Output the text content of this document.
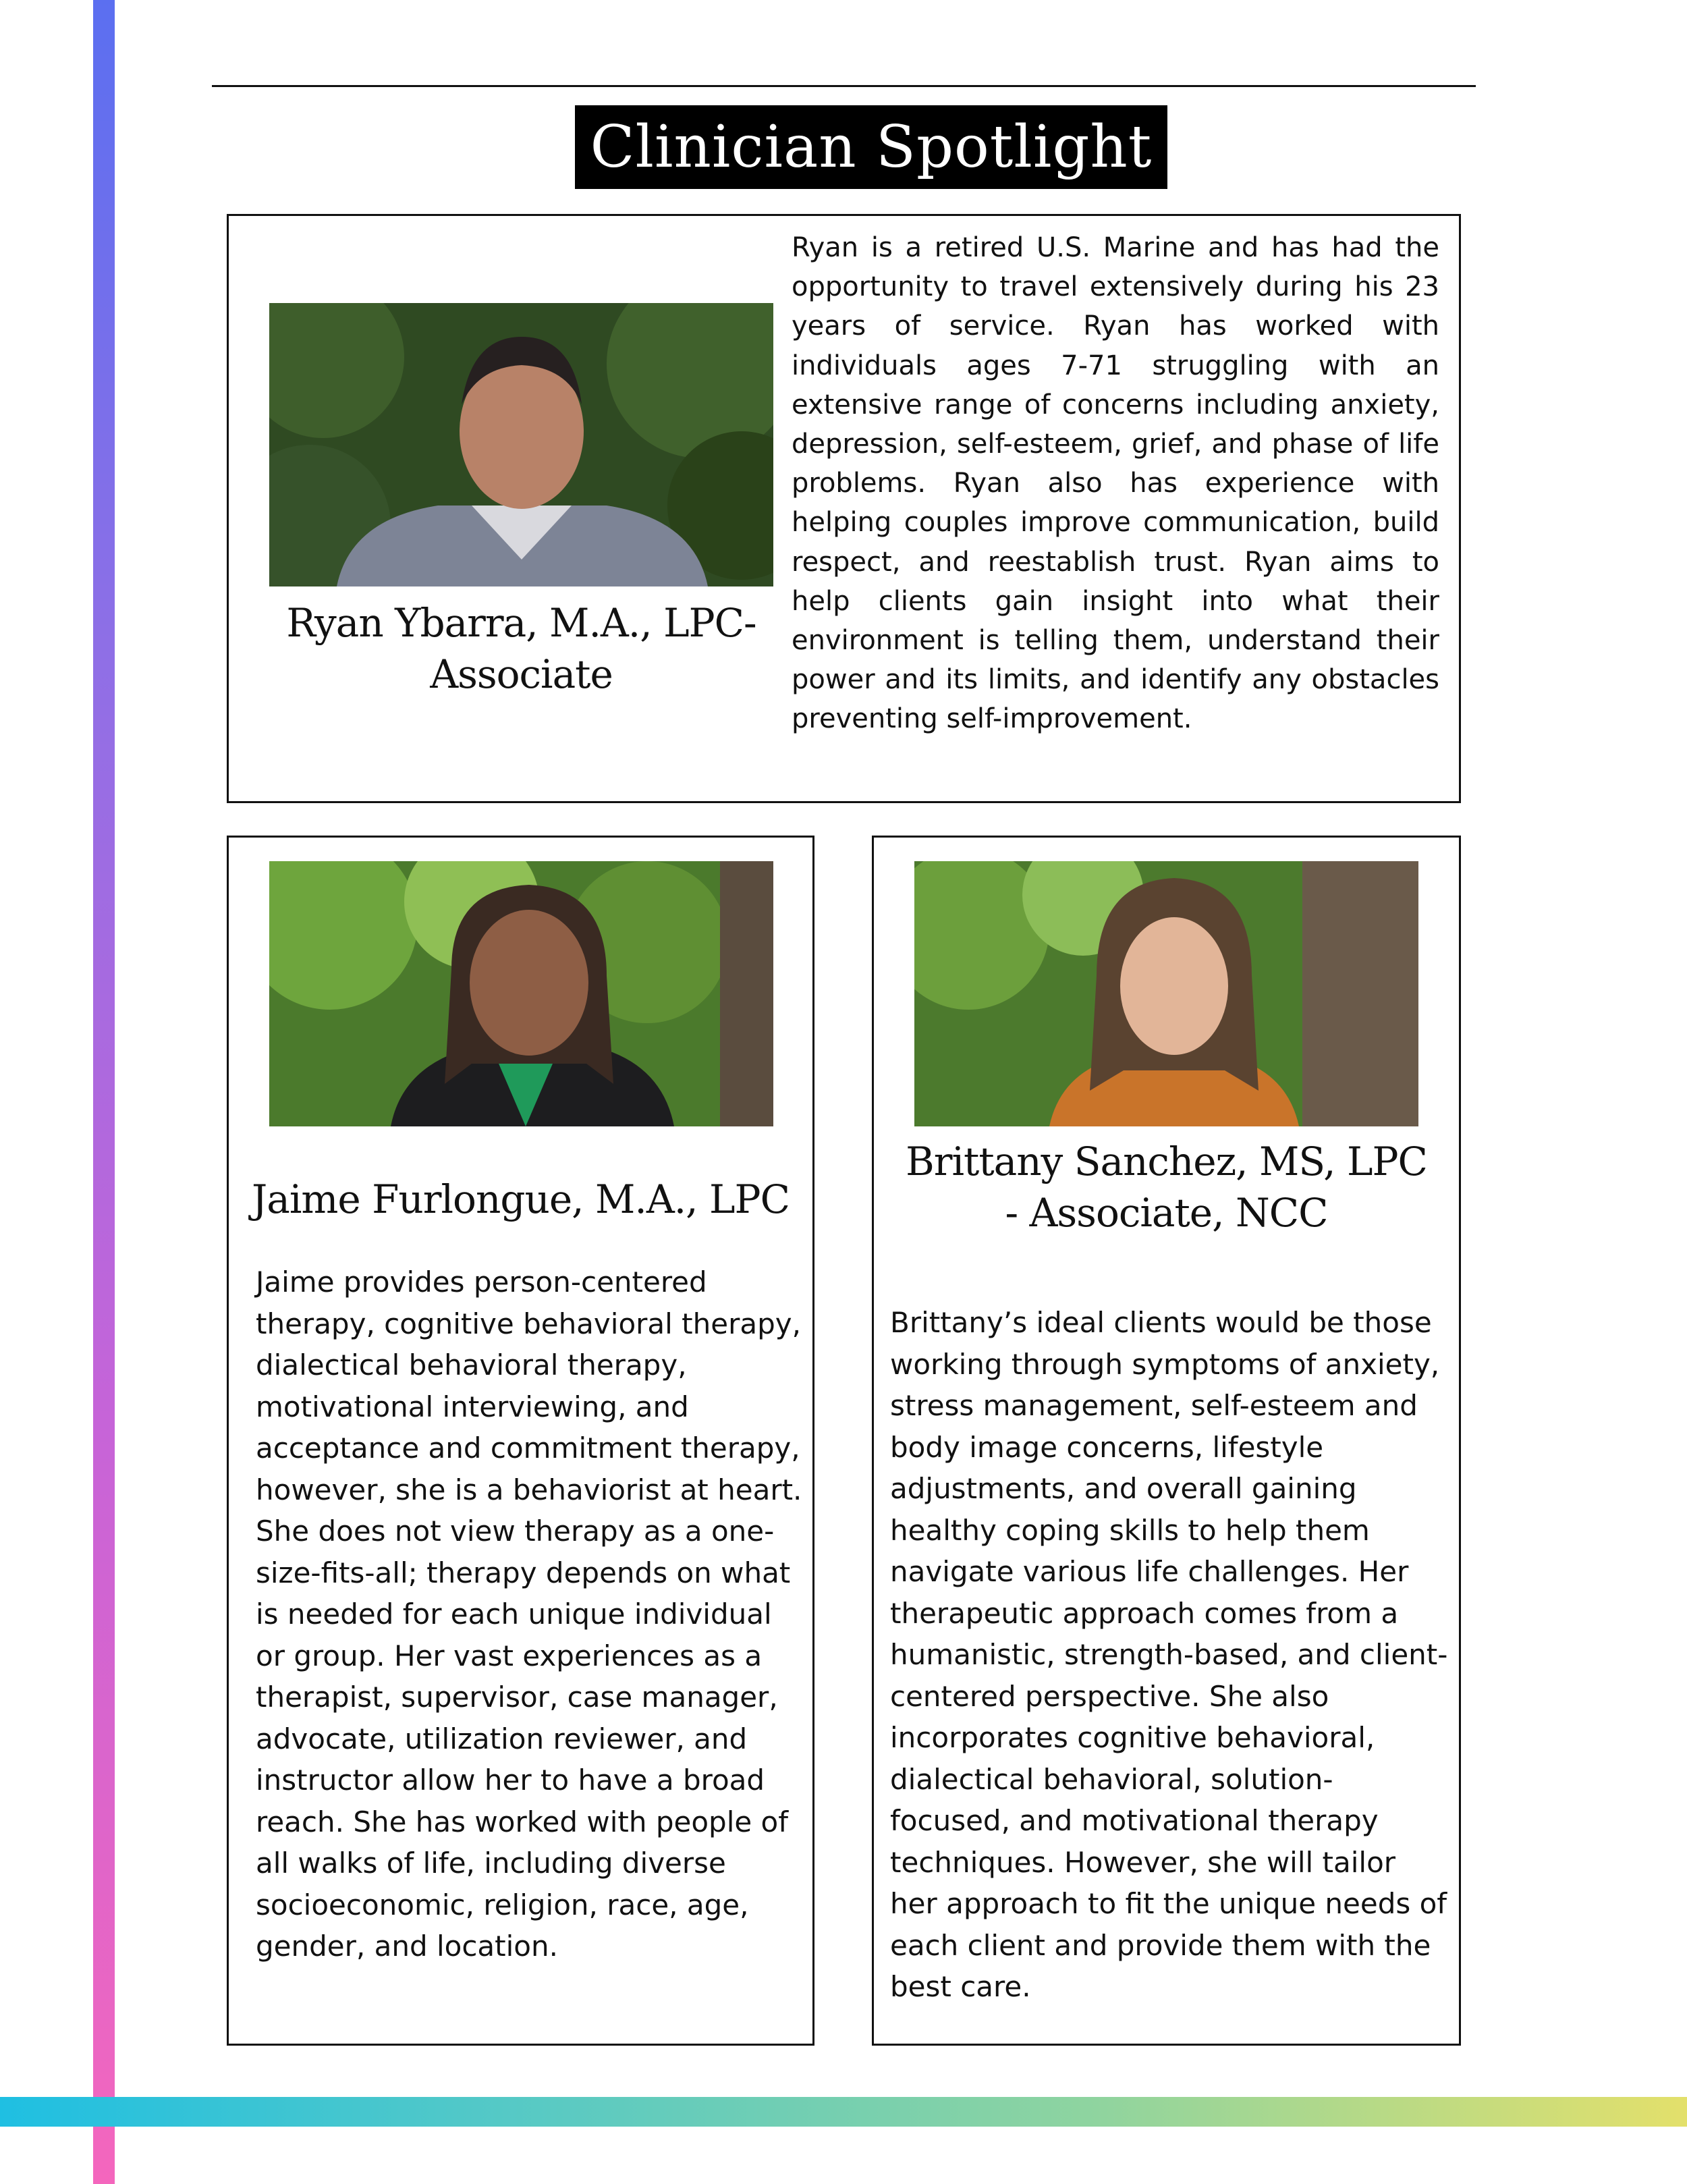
Clinician Spotlight
Ryan Ybarra, M.A., LPC-Associate
Ryan is a retired U.S. Marine and has had the opportunity to travel extensively during his 23 years of service. Ryan has worked with individuals ages 7-71 struggling with an extensive range of concerns including anxiety, depression, self-esteem, grief, and phase of life problems. Ryan also has experience with helping couples improve communication, build respect, and reestablish trust. Ryan aims to help clients gain insight into what their environment is telling them, understand their power and its limits, and identify any obstacles preventing self-improvement.
Jaime Furlongue, M.A., LPC
Jaime provides person-centered therapy, cognitive behavioral therapy, dialectical behavioral therapy, motivational interviewing, and acceptance and commitment therapy, however, she is a behaviorist at heart. She does not view therapy as a one-size-fits-all; therapy depends on what is needed for each unique individual or group. Her vast experiences as a therapist, supervisor, case manager, advocate, utilization reviewer, and instructor allow her to have a broad reach. She has worked with people of all walks of life, including diverse socioeconomic, religion, race, age, gender, and location.
Brittany Sanchez, MS, LPC - Associate, NCC
Brittany’s ideal clients would be those working through symptoms of anxiety, stress management, self-esteem and body image concerns, lifestyle adjustments, and overall gaining healthy coping skills to help them navigate various life challenges. Her therapeutic approach comes from a humanistic, strength-based, and client-centered perspective. She also incorporates cognitive behavioral, dialectical behavioral, solution-focused, and motivational therapy techniques. However, she will tailor her approach to fit the unique needs of each client and provide them with the best care.
